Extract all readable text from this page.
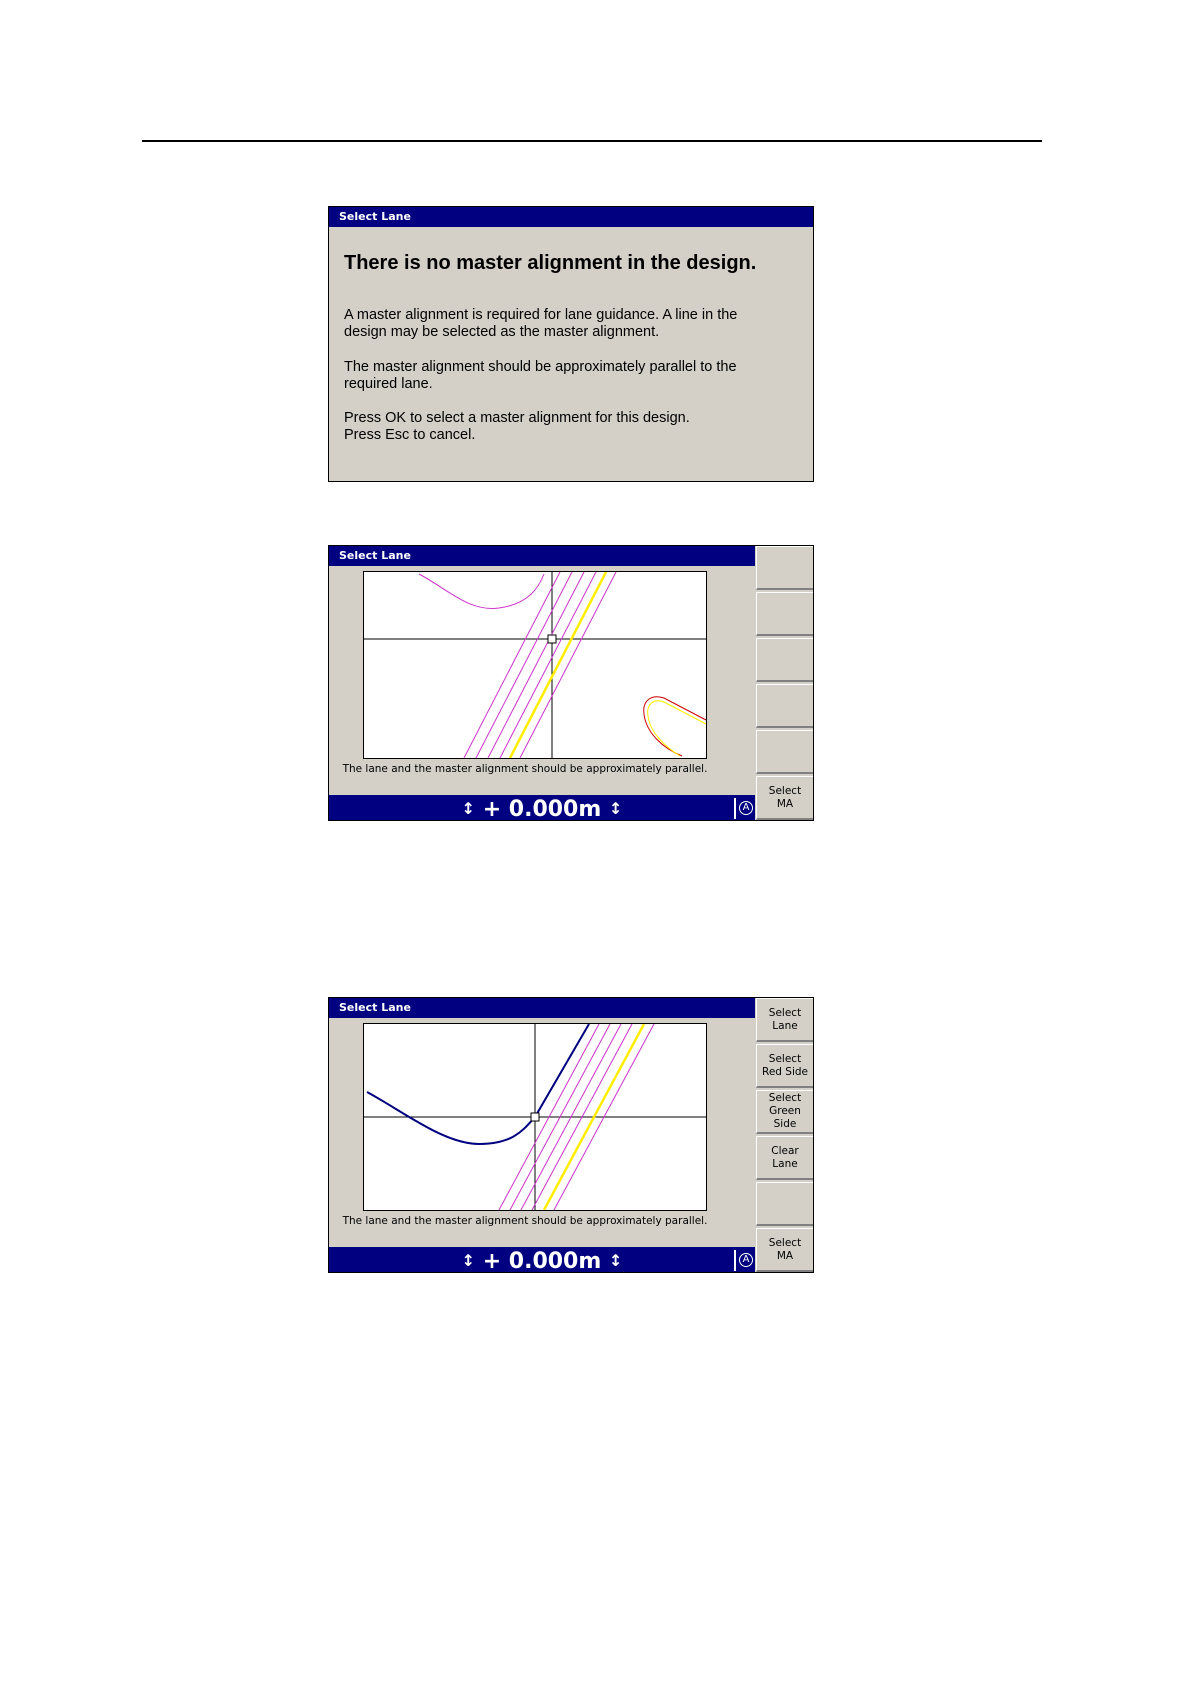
Select Lane
There is no master alignment in the design.
A master alignment is required for lane guidance. A line in the
design may be selected as the master alignment.
The master alignment should be approximately parallel to the
required lane.
Press OK to select a master alignment for this design.
Press Esc to cancel.
Select Lane
The lane and the master alignment should be approximately parallel.
↕ + 0.000m ↕	A
Select
MA
Select Lane
The lane and the master alignment should be approximately parallel.
↕ + 0.000m ↕	A
Select
Lane
Select
Red Side
Select
Green Side
Clear
Lane
Select
MA
